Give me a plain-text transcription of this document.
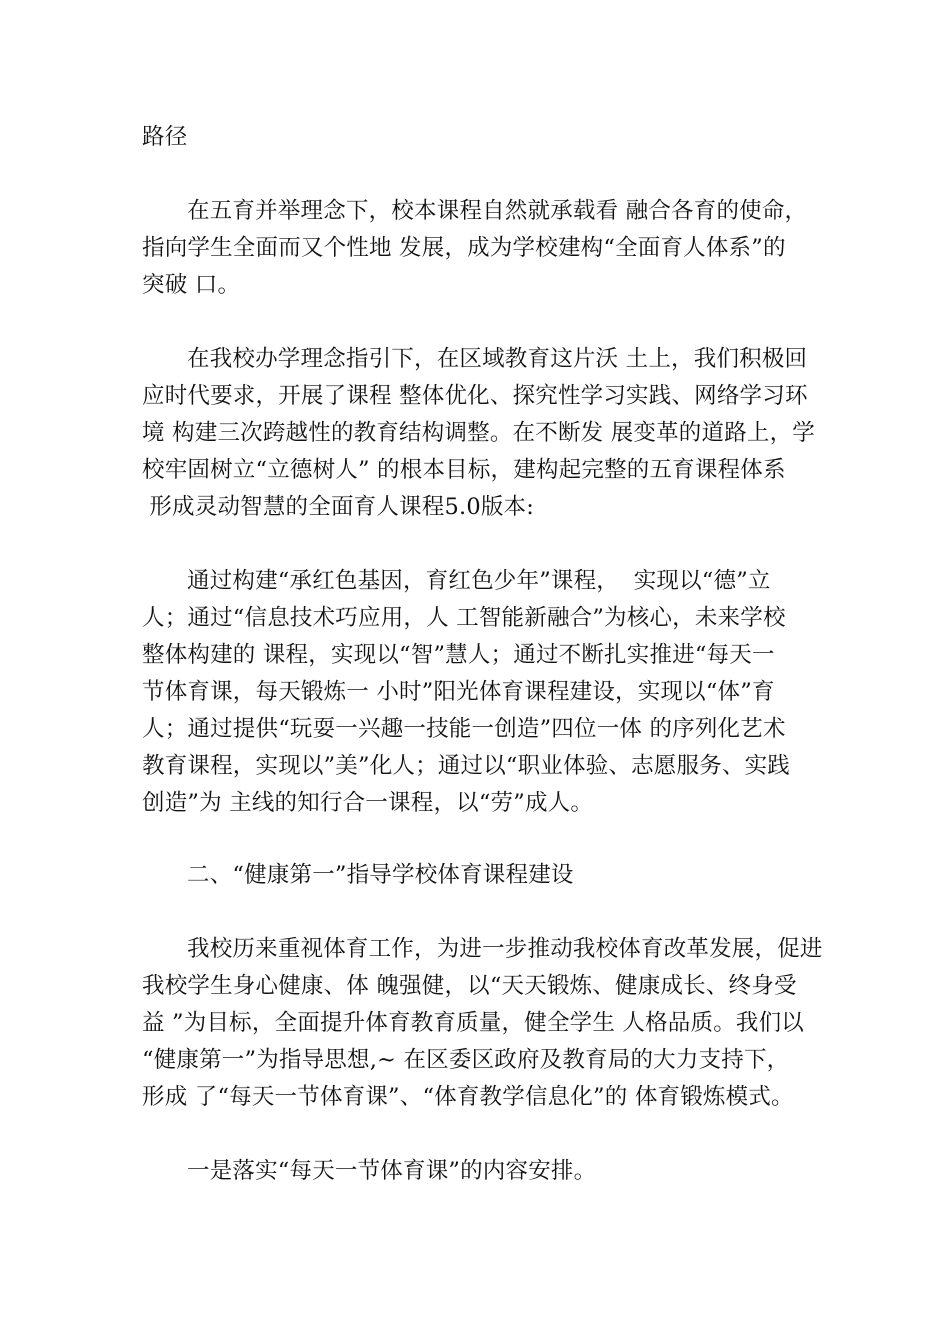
路径
在五育并举理念下，校本课程自然就承载看 融合各育的使命，
指向学生全面而又个性地 发展，成为学校建构“全面育人体系”的
突破 口。
在我校办学理念指引下，在区域教育这片沃 土上，我们积极回
应时代要求，开展了课程 整体优化、探究性学习实践、网络学习环
境 构建三次跨越性的教育结构调整。在不断发 展变革的道路上，学
校牢固树立“立德树人” 的根本目标，建构起完整的五育课程体系
形成灵动智慧的全面育人课程5.0版本:
通过构建“承红色基因，育红色少年”课程，  实现以“德”立
人；通过“信息技术巧应用，人 工智能新融合”为核心，未来学校
整体构建的 课程，实现以“智”慧人；通过不断扎实推进“每天一
节体育课，每天锻炼一 小时”阳光体育课程建设，实现以“体”育
人；通过提供“玩耍一兴趣一技能一创造”四位一体 的序列化艺术
教育课程，实现以”美”化人；通过以“职业体验、志愿服务、实践
创造”为 主线的知行合一课程，以“劳”成人。
二、“健康第一”指导学校体育课程建设
我校历来重视体育工作，为进一步推动我校体育改革发展，促进
我校学生身心健康、体 魄强健，以“天天锻炼、健康成长、终身受
益 ”为目标，全面提升体育教育质量，健全学生 人格品质。我们以
“健康第一”为指导思想,~ 在区委区政府及教育局的大力支持下，
形成 了“每天一节体育课”、“体育教学信息化”的 体育锻炼模式。
一是落实“每天一节体育课”的内容安排。
